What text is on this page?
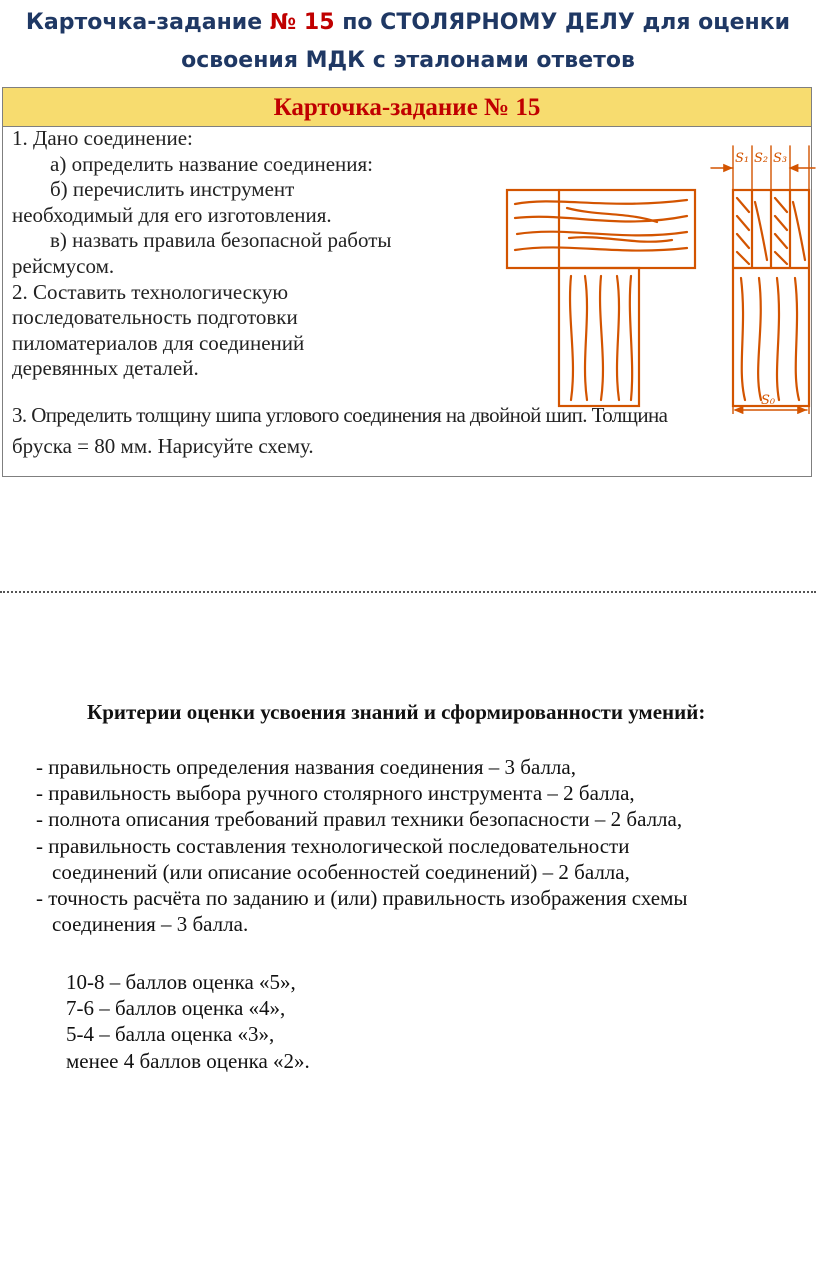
Карточка-задание № 15 по СТОЛЯРНОМУ ДЕЛУ для оценки
освоения МДК с эталонами ответов
Карточка-задание № 15
1. Дано соединение:
а) определить название соединения:
б) перечислить инструмент
необходимый для его изготовления.
в) назвать правила безопасной работы
рейсмусом.
2. Составить технологическую
последовательность подготовки
пиломатериалов для соединений
деревянных деталей.
3. Определить толщину шипа углового соединения на двойной шип. Толщина
бруска = 80 мм. Нарисуйте схему.
S₁ S₂ S₃
S₀
Критерии оценки усвоения знаний и сформированности умений:
- правильность определения названия соединения – 3 балла,
- правильность выбора ручного столярного инструмента – 2 балла,
- полнота описания требований правил техники безопасности – 2 балла,
- правильность составления технологической последовательности
соединений (или описание особенностей соединений) – 2 балла,
- точность расчёта по заданию и (или) правильность изображения схемы
соединения – 3 балла.
10-8 – баллов оценка «5»,
7-6 – баллов оценка «4»,
5-4 – балла оценка «3»,
менее 4 баллов оценка «2».
